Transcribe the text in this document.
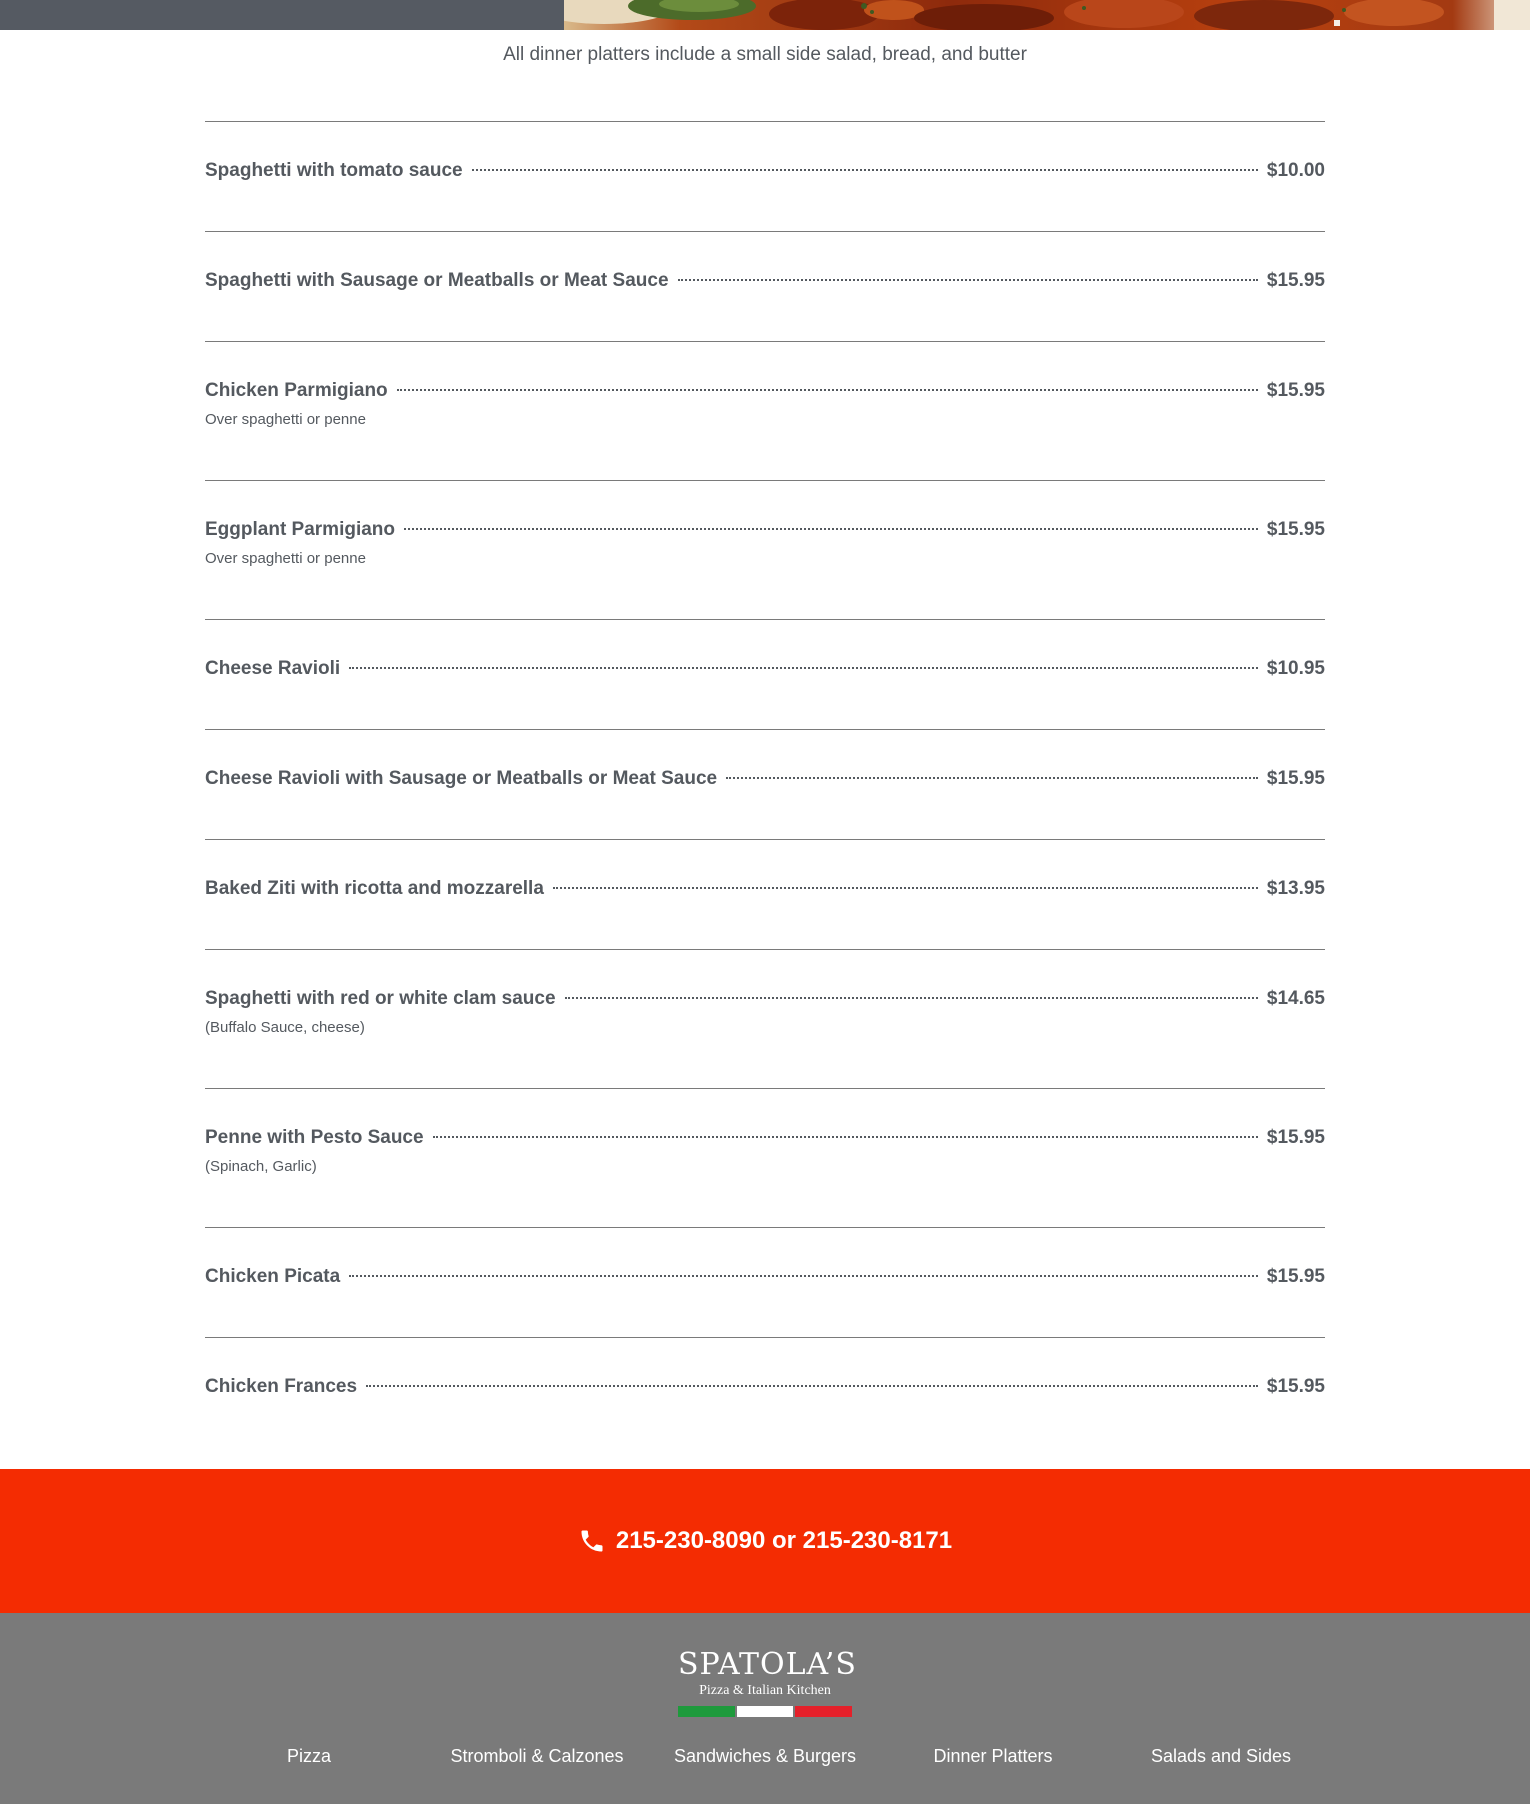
All dinner platters include a small side salad, bread, and butter
Spaghetti with tomato sauce	$10.00
Spaghetti with Sausage or Meatballs or Meat Sauce	$15.95
Chicken Parmigiano	$15.95
Over spaghetti or penne
Eggplant Parmigiano	$15.95
Over spaghetti or penne
Cheese Ravioli	$10.95
Cheese Ravioli with Sausage or Meatballs or Meat Sauce	$15.95
Baked Ziti with ricotta and mozzarella	$13.95
Spaghetti with red or white clam sauce	$14.65
(Buffalo Sauce, cheese)
Penne with Pesto Sauce	$15.95
(Spinach, Garlic)
Chicken Picata	$15.95
Chicken Frances	$15.95
215-230-8090 or 215-230-8171
SPATOLA’S
Pizza & Italian Kitchen
Pizza	Stromboli & Calzones	Sandwiches & Burgers	Dinner Platters	Salads and Sides
